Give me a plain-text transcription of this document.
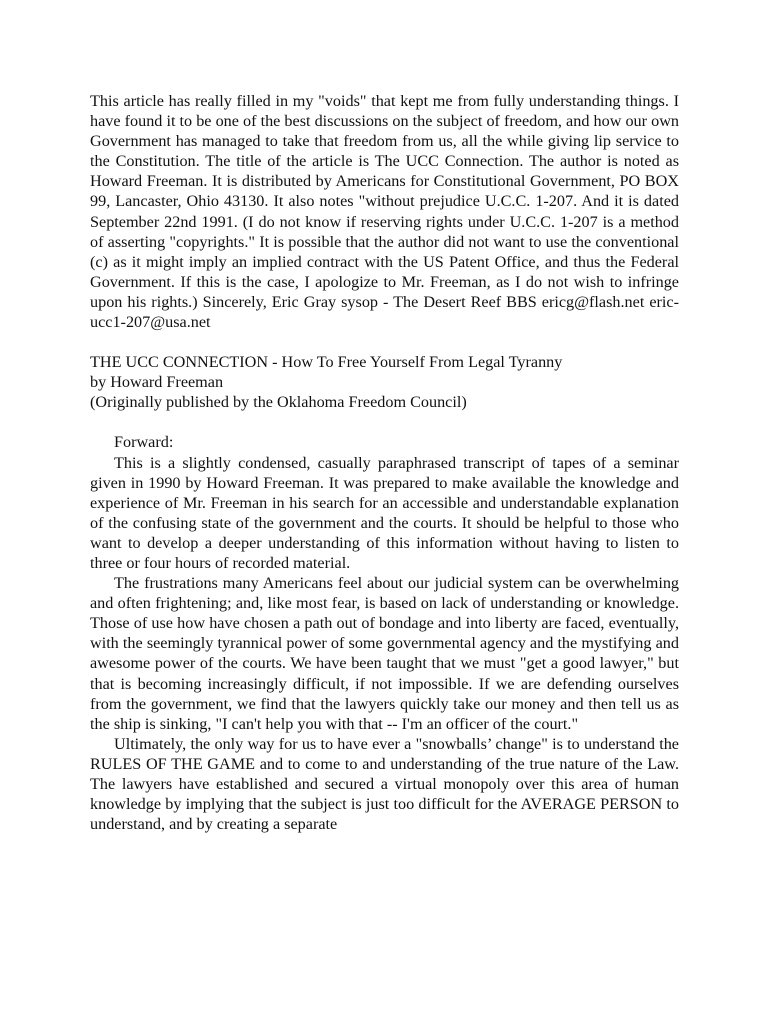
This article has really filled in my "voids" that kept me from fully understanding things. I have found it to be one of the best discussions on the subject of freedom, and how our own Government has managed to take that freedom from us, all the while giving lip service to the Constitution. The title of the article is The UCC Connection. The author is noted as Howard Freeman. It is distributed by Americans for Constitutional Government, PO BOX 99, Lancaster, Ohio 43130. It also notes "without prejudice U.C.C. 1-207. And it is dated September 22nd 1991. (I do not know if reserving rights under U.C.C. 1-207 is a method of asserting "copyrights." It is possible that the author did not want to use the conventional (c) as it might imply an implied contract with the US Patent Office, and thus the Federal Government. If this is the case, I apologize to Mr. Freeman, as I do not wish to infringe upon his rights.) Sincerely, Eric Gray sysop - The Desert Reef BBS ericg@flash.net eric-ucc1-207@usa.net

THE UCC CONNECTION - How To Free Yourself From Legal Tyranny
by Howard Freeman
(Originally published by the Oklahoma Freedom Council)

Forward:

This is a slightly condensed, casually paraphrased transcript of tapes of a seminar given in 1990 by Howard Freeman. It was prepared to make available the knowledge and experience of Mr. Freeman in his search for an accessible and understandable explanation of the confusing state of the government and the courts. It should be helpful to those who want to develop a deeper understanding of this information without having to listen to three or four hours of recorded material.

The frustrations many Americans feel about our judicial system can be overwhelming and often frightening; and, like most fear, is based on lack of understanding or knowledge. Those of use how have chosen a path out of bondage and into liberty are faced, eventually, with the seemingly tyrannical power of some governmental agency and the mystifying and awesome power of the courts. We have been taught that we must "get a good lawyer," but that is becoming increasingly difficult, if not impossible. If we are defending ourselves from the government, we find that the lawyers quickly take our money and then tell us as the ship is sinking, "I can't help you with that -- I'm an officer of the court."

Ultimately, the only way for us to have ever a "snowballs’ change" is to understand the RULES OF THE GAME and to come to and understanding of the true nature of the Law. The lawyers have established and secured a virtual monopoly over this area of human knowledge by implying that the subject is just too difficult for the AVERAGE PERSON to understand, and by creating a separate
